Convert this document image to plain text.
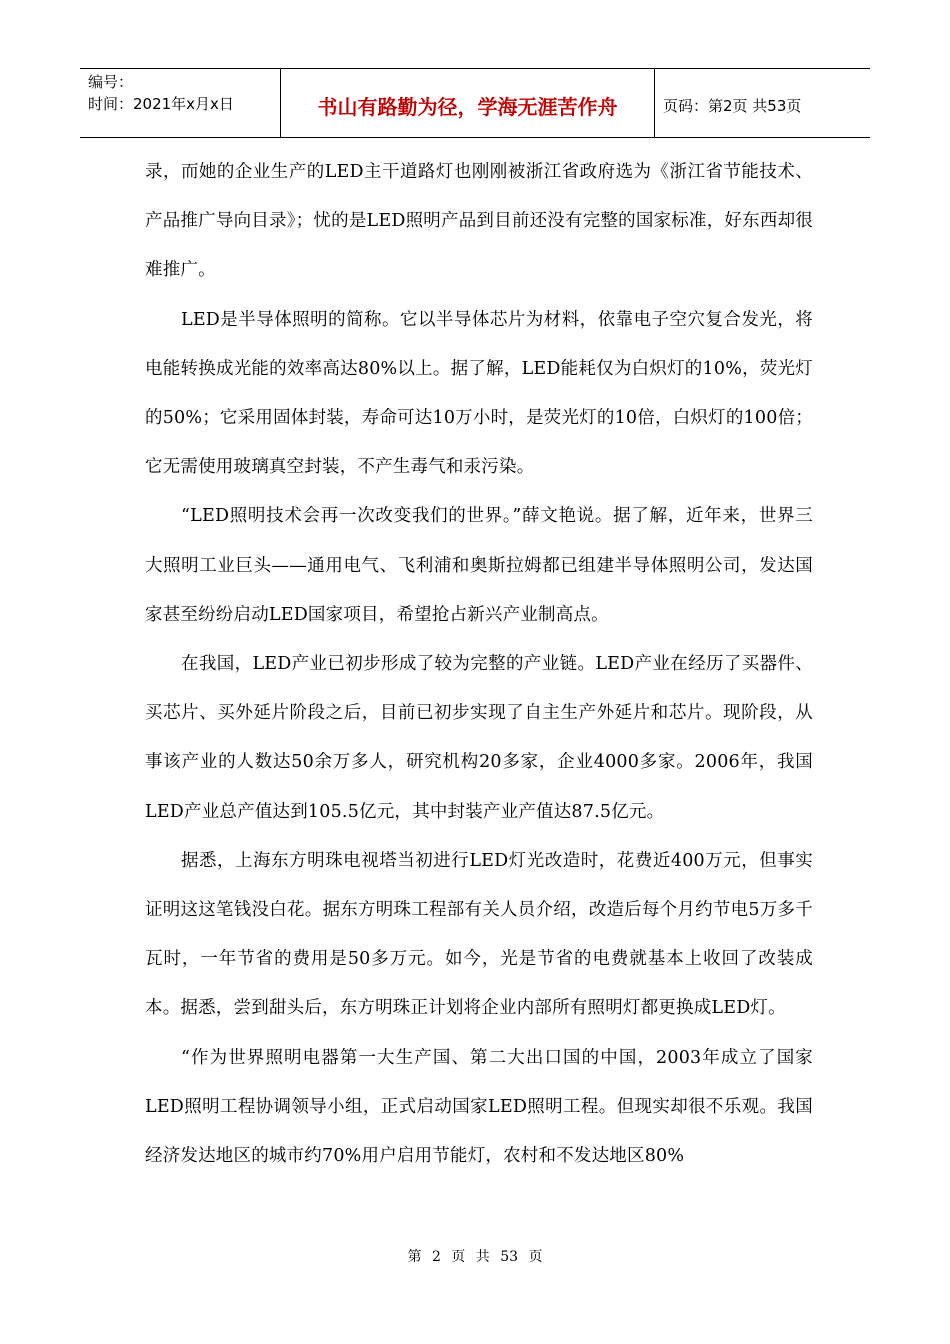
编号：
时间：2021年x月x日	书山有路勤为径，学海无涯苦作舟	页码：第2页 共53页

录，而她的企业生产的LED主干道路灯也刚刚被浙江省政府选为《浙江省节能技术、产品推广导向目录》；忧的是LED照明产品到目前还没有完整的国家标准，好东西却很难推广。

LED是半导体照明的简称。它以半导体芯片为材料，依靠电子空穴复合发光，将电能转换成光能的效率高达80%以上。据了解，LED能耗仅为白炽灯的10%，荧光灯的50%；它采用固体封装，寿命可达10万小时，是荧光灯的10倍，白炽灯的100倍；它无需使用玻璃真空封装，不产生毒气和汞污染。

“LED照明技术会再一次改变我们的世界。”薛文艳说。据了解，近年来，世界三大照明工业巨头——通用电气、飞利浦和奥斯拉姆都已组建半导体照明公司，发达国家甚至纷纷启动LED国家项目，希望抢占新兴产业制高点。

在我国，LED产业已初步形成了较为完整的产业链。LED产业在经历了买器件、买芯片、买外延片阶段之后，目前已初步实现了自主生产外延片和芯片。现阶段，从事该产业的人数达50余万多人，研究机构20多家，企业4000多家。2006年，我国LED产业总产值达到105.5亿元，其中封装产业产值达87.5亿元。

据悉，上海东方明珠电视塔当初进行LED灯光改造时，花费近400万元，但事实证明这这笔钱没白花。据东方明珠工程部有关人员介绍，改造后每个月约节电5万多千瓦时，一年节省的费用是50多万元。如今，光是节省的电费就基本上收回了改装成本。据悉，尝到甜头后，东方明珠正计划将企业内部所有照明灯都更换成LED灯。

“作为世界照明电器第一大生产国、第二大出口国的中国，2003年成立了国家LED照明工程协调领导小组，正式启动国家LED照明工程。但现实却很不乐观。我国经济发达地区的城市约70%用户启用节能灯，农村和不发达地区80%

第 2 页 共 53 页
